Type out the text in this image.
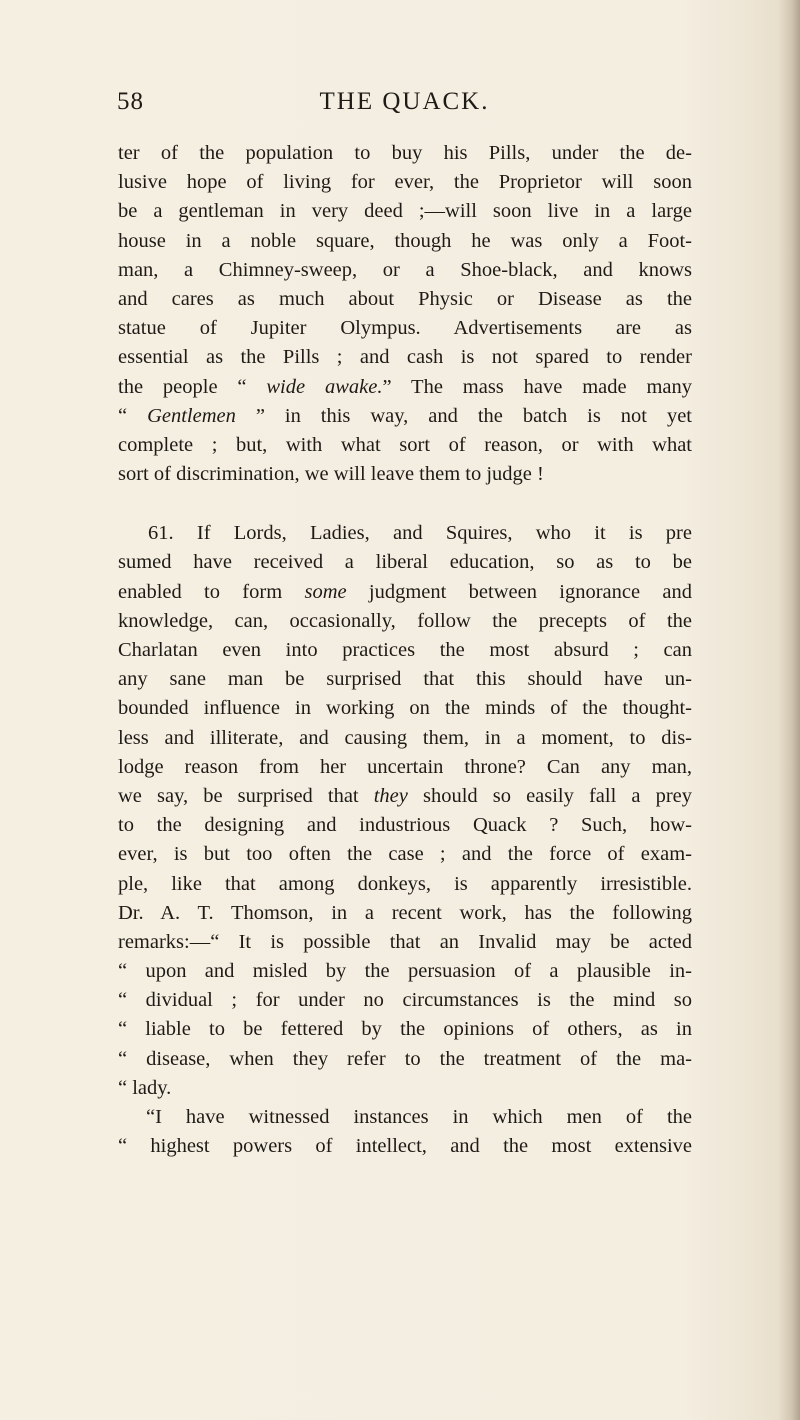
58	THE QUACK.
ter of the population to buy his Pills, under the de-
lusive hope of living for ever, the Proprietor will soon
be a gentleman in very deed ;—will soon live in a large
house in a noble square, though he was only a Foot-
man, a Chimney-sweep, or a Shoe-black, and knows
and cares as much about Physic or Disease as the
statue of Jupiter Olympus. Advertisements are as
essential as the Pills ; and cash is not spared to render
the people “ wide awake.” The mass have made many
“ Gentlemen ” in this way, and the batch is not yet
complete ; but, with what sort of reason, or with what
sort of discrimination, we will leave them to judge !
61. If Lords, Ladies, and Squires, who it is pre
sumed have received a liberal education, so as to be
enabled to form some judgment between ignorance and
knowledge, can, occasionally, follow the precepts of the
Charlatan even into practices the most absurd ; can
any sane man be surprised that this should have un-
bounded influence in working on the minds of the thought-
less and illiterate, and causing them, in a moment, to dis-
lodge reason from her uncertain throne? Can any man,
we say, be surprised that they should so easily fall a prey
to the designing and industrious Quack ? Such, how-
ever, is but too often the case ; and the force of exam-
ple, like that among donkeys, is apparently irresistible.
Dr. A. T. Thomson, in a recent work, has the following
remarks:—“ It is possible that an Invalid may be acted
“ upon and misled by the persuasion of a plausible in-
“ dividual ; for under no circumstances is the mind so
“ liable to be fettered by the opinions of others, as in
“ disease, when they refer to the treatment of the ma-
“ lady.
“I have witnessed instances in which men of the
“ highest powers of intellect, and the most extensive
